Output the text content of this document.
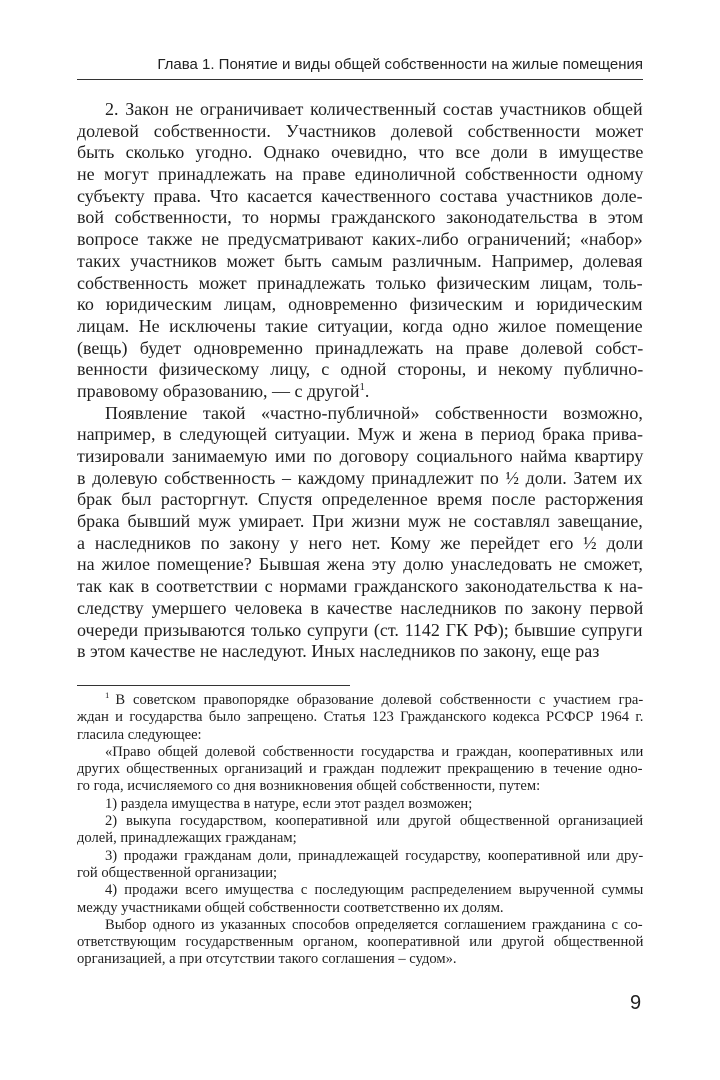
Глава 1. Понятие и виды общей собственности на жилые помещения
2. Закон не ограничивает количественный состав участников общей
долевой собственности. Участников долевой собственности может
быть сколько угодно. Однако очевидно, что все доли в имуществе
не могут принадлежать на праве единоличной собственности одному
субъекту права. Что касается качественного состава участников доле-
вой собственности, то нормы гражданского законодательства в этом
вопросе также не предусматривают каких-либо ограничений; «набор»
таких участников может быть самым различным. Например, долевая
собственность может принадлежать только физическим лицам, толь-
ко юридическим лицам, одновременно физическим и юридическим
лицам. Не исключены такие ситуации, когда одно жилое помещение
(вещь) будет одновременно принадлежать на праве долевой собст-
венности физическому лицу, с одной стороны, и некому публично-
правовому образованию, — с другой$^1$.
Появление такой «частно-публичной» собственности возможно,
например, в следующей ситуации. Муж и жена в период брака прива-
тизировали занимаемую ими по договору социального найма квартиру
в долевую собственность – каждому принадлежит по ½ доли. Затем их
брак был расторгнут. Спустя определенное время после расторжения
брака бывший муж умирает. При жизни муж не составлял завещание,
а наследников по закону у него нет. Кому же перейдет его ½ доли
на жилое помещение? Бывшая жена эту долю унаследовать не сможет,
так как в соответствии с нормами гражданского законодательства к на-
следству умершего человека в качестве наследников по закону первой
очереди призываются только супруги (ст. 1142 ГК РФ); бывшие супруги
в этом качестве не наследуют. Иных наследников по закону, еще раз
$^1$ В советском правопорядке образование долевой собственности с участием гра-
ждан и государства было запрещено. Статья 123 Гражданского кодекса РСФСР 1964 г.
гласила следующее:
«Право общей долевой собственности государства и граждан, кооперативных или
других общественных организаций и граждан подлежит прекращению в течение одно-
го года, исчисляемого со дня возникновения общей собственности, путем:
1) раздела имущества в натуре, если этот раздел возможен;
2) выкупа государством, кооперативной или другой общественной организацией
долей, принадлежащих гражданам;
3) продажи гражданам доли, принадлежащей государству, кооперативной или дру-
гой общественной организации;
4) продажи всего имущества с последующим распределением вырученной суммы
между участниками общей собственности соответственно их долям.
Выбор одного из указанных способов определяется соглашением гражданина с со-
ответствующим государственным органом, кооперативной или другой общественной
организацией, а при отсутствии такого соглашения – судом».
9
